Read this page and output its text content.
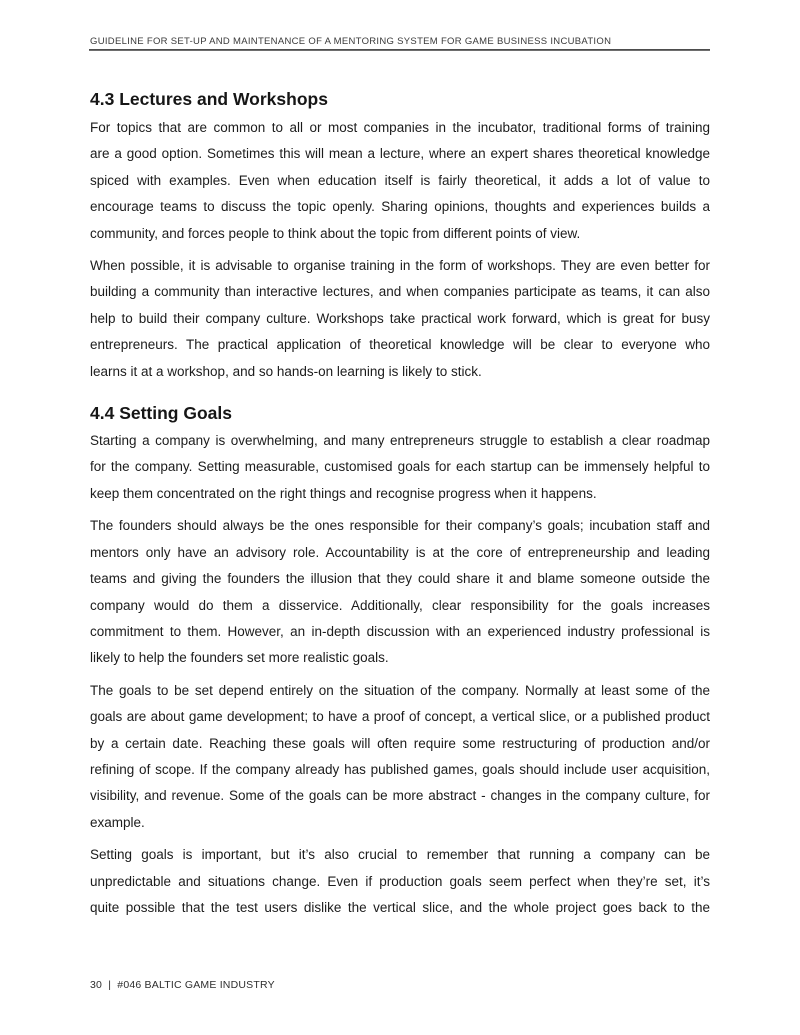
GUIDELINE FOR SET-UP AND MAINTENANCE OF A MENTORING SYSTEM FOR GAME BUSINESS INCUBATION
4.3 Lectures and Workshops
For topics that are common to all or most companies in the incubator, traditional forms of training
are a good option. Sometimes this will mean a lecture, where an expert shares theoretical knowledge
spiced with examples. Even when education itself is fairly theoretical, it adds a lot of value to
encourage teams to discuss the topic openly. Sharing opinions, thoughts and experiences builds a
community, and forces people to think about the topic from different points of view.
When possible, it is advisable to organise training in the form of workshops. They are even better for
building a community than interactive lectures, and when companies participate as teams, it can also
help to build their company culture. Workshops take practical work forward, which is great for busy
entrepreneurs. The practical application of theoretical knowledge will be clear to everyone who
learns it at a workshop, and so hands-on learning is likely to stick.
4.4 Setting Goals
Starting a company is overwhelming, and many entrepreneurs struggle to establish a clear roadmap
for the company. Setting measurable, customised goals for each startup can be immensely helpful to
keep them concentrated on the right things and recognise progress when it happens.
The founders should always be the ones responsible for their company’s goals; incubation staff and
mentors only have an advisory role. Accountability is at the core of entrepreneurship and leading
teams and giving the founders the illusion that they could share it and blame someone outside the
company would do them a disservice. Additionally, clear responsibility for the goals increases
commitment to them. However, an in-depth discussion with an experienced industry professional is
likely to help the founders set more realistic goals.
The goals to be set depend entirely on the situation of the company. Normally at least some of the
goals are about game development; to have a proof of concept, a vertical slice, or a published product
by a certain date. Reaching these goals will often require some restructuring of production and/or
refining of scope. If the company already has published games, goals should include user acquisition,
visibility, and revenue. Some of the goals can be more abstract - changes in the company culture, for
example.
Setting goals is important, but it’s also crucial to remember that running a company can be
unpredictable and situations change. Even if production goals seem perfect when they’re set, it’s
quite possible that the test users dislike the vertical slice, and the whole project goes back to the
30 | #046 BALTIC GAME INDUSTRY
